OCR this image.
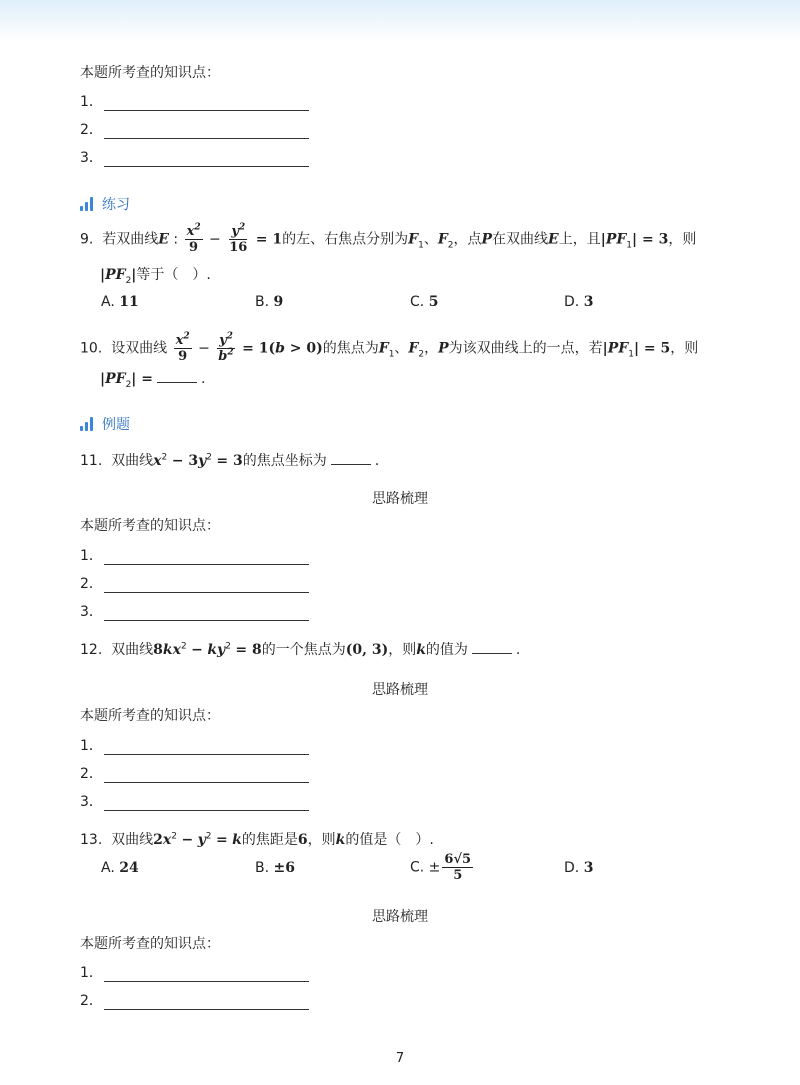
本题所考查的知识点：
1．
2．
3．
练习
9. 若双曲线E : $\frac{x^2}{9} - \frac{y^2}{16} = 1$的左、右焦点分别为$F_1$、$F_2$，点P在双曲线E上，且$|PF_1| = 3$，则
$|PF_2|$等于（　）.
A. 11	B. 9	C. 5	D. 3
10. 设双曲线 $\frac{x^2}{9} - \frac{y^2}{b^2} = 1(b > 0)$的焦点为$F_1$、$F_2$，P为该双曲线上的一点，若$|PF_1| = 5$，则
$|PF_2|$ =	.
例题
11. 双曲线$x^2 - 3y^2 = 3$的焦点坐标为	.
思路梳理
本题所考查的知识点：
1．
2．
3．
12. 双曲线$8kx^2 - ky^2 = 8$的一个焦点为(0, 3)，则k的值为	.
思路梳理
本题所考查的知识点：
1．
2．
3．
13. 双曲线$2x^2 - y^2 = k$的焦距是6，则k的值是（　）.
A. 24	B. ±6	C. ± $\frac{6√5}{5}$	D. 3
思路梳理
本题所考查的知识点：
1．
2．
7
